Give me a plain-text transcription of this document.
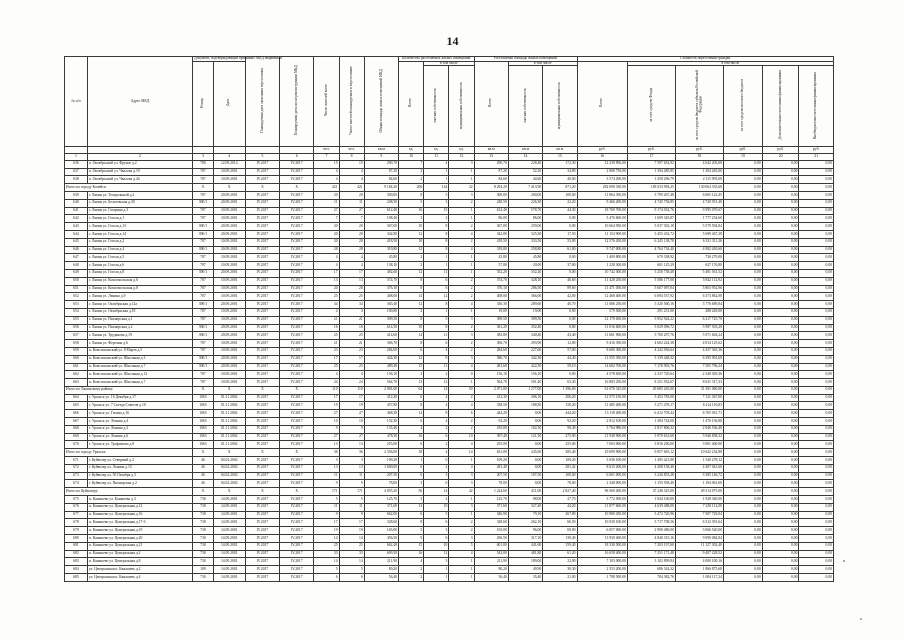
14
№ п/п	Адрес МКД	Документ, подтверждающий признание МКД аварийным		Планируемая дата окончания переселения	Планируемая дата сноса/реконструкции МКД	Число жителей всего	Число жителей планируемых к переселению	Общая площадь жилых помещений МКД	Количество расселяемых жилых помещений			Расселяемая площадь жилых помещений			Стоимость переселения граждан					
		Номер	Дата						Всего	в том числе		Всего	в том числе		Всего	в том числе				
										частная собственность	муниципальная собственность		частная собственность	муниципальная собственность		за счет средств Фонда	за счет средств бюджета субъекта Российской Федерации	за счет средств местного бюджета	Дополнительные источники финансирования	Внебюджетные источники финансирования
						чел.	чел.	кв.м	ед.	ед.	ед.	кв.м	кв.м	кв.м	руб.	руб.	руб.	руб.	руб.	руб.
1	2	3	4	5	6	7	8	9	10	11	12	13	14	15	16	17	18	19	20	21
636	п. Октябрьский ул. Фрунзе д.2	780	12.09.2014	IV.2017	IV.2017	15	15	290,70	7	4	3	290,70	228,40	172,30	12 239 856,00	7 597 652,92	4 642 203,08	0,00	0,00	0,00
637	п. Октябрьский ул. Чкалова д.19	787	10.09.2001	IV.2017	IV.2017	4	4	87,20	2	1	1	87,20	52,20	34,80	2 868 750,00	1 394 485,85	1 304 265,00	0,00	0,00	0,00
638	п. Октябрьский ул. Чкалова д.44	787	10.09.2001	IV.2017	IV.2017	4	4	84,60	2	1	1	84,60	44,60	40,00	3 574 290,00	1 458 296,79	2 115 993,08	0,00	0,00	0,00
Итого по городу Копейск:		X	X	X	X	421	421	9 184,20	206	144	32	8 294,20	7 413,90	871,20	282 098 330,00	183 033 994,25	130 064 335,68	0,00	0,00	0,00
639	г. Ляпин ул. Театральный д.2	787	20.09.2001	IV.2017	IV.2017	20	20	300,00	8	5	3	300,00	200,00	100,00	11 864 350,00	5 799 267,48	6 065 122,45	0,00	0,00	0,00
640	г. Ляпин ул. Бельтовская д.30	390/1	20.09.2001	IV.2017	IV.2017	11	11	248,50	5	3	2	248,50	226,30	22,20	9 466 200,00	4 745 756,85	4 720 951,40	0,00	0,00	0,00
641	г. Ляпин ул. Гагарина д.3	787	10.09.2001	IV.2017	IV.2017	27	27	612,40	16	15	1	612,40	578,70	44,30	18 769 700,00	9 174 032,76	9 595 070,67	0,00	0,00	0,00
642	г. Ляпин ул. Гоголя д.1	787	10.09.2001	IV.2017	IV.2017	7	7	108,40	3	2	1	86,00	86,00	0,00	3 476 600,00	1 699 345,87	1 777 254,60	0,00	0,00	0,00
643	г. Ляпин ул. Гоголя д.13	390/1	20.09.2001	IV.2017	IV.2017	20	20	367,00	10	8	2	367,00	259,00	0,00	10 664 950,00	5 037 302,18	5 579 594,84	0,00	0,00	0,00
644	г. Ляпин ул. Гоголя д.14	390/1	20.09.2001	IV.2017	IV.2017	20	20	342,80	12	8	4	342,80	325,30	17,50	11 154 900,00	5 455 432,72	5 699 467,28	0,00	0,00	0,00
645	г. Ляпин ул. Гоголя д.2	787	10.09.2001	IV.2017	IV.2017	20	20	418,50	10	8	2	418,50	333,50	55,00	12 576 450,00	6 245 138,78	6 331 311,26	0,00	0,00	0,00
646	г. Ляпин ул. Гоголя д.4	390/1	20.09.2001	IV.2017	IV.2017	28	28	319,80	12	8	4	319,80	258,80	61,00	9 747 000,00	4 764 734,40	4 982 265,60	0,00	0,00	0,00
647	г. Ляпин ул. Гоголя д.5	787	10.09.2001	IV.2017	IV.2017	4	4	45,80	2	1	1	45,80	45,80	0,00	1 409 800,00	679 338,92	730 279,00	0,00	0,00	0,00
648	г. Ляпин ул. Гоголя д.6	787	10.09.2001	IV.2017	IV.2017	4	4	138,10	2	1	1	57,80	20,00	37,80	1 228 300,00	601 125,29	627 176,80	0,00	0,00	0,00
649	г. Ляпин ул. Гоголя д.8	390/1	20.09.2001	IV.2017	IV.2017	17	17	482,60	12	11	1	352,20	352,20	0,00	10 742 300,00	5 250 738,48	5 491 561,52	0,00	0,00	0,00
650	г. Ляпин ул. Комсомольская д.6	787	10.09.2001	IV.2017	IV.2017	13	13	374,70	8	6	2	374,70	328,10	46,60	11 428 250,00	5 586 177,08	5 842 112,92	0,00	0,00	0,00
651	г. Ляпин ул. Комсомольская д.8	787	10.09.2001	IV.2017	IV.2017	20	20	376,10	8	6	2	376,10	286,50	89,60	11 471 050,00	5 607 097,04	5 863 952,96	0,00	0,00	0,00
652	г. Ляпин ул. Ленина д.9	787	10.09.2001	IV.2017	IV.2017	25	25	408,00	14	12	2	408,00	366,00	42,00	12 468 400,00	6 094 537,92	6 373 862,08	0,00	0,00	0,00
653	г. Ляпин ул. Октябрьская д.12а	390/1	20.09.2001	IV.2017	IV.2017	34	34	365,40	12	8	4	330,30	289,60	40,70	11 086 250,00	5 320 560,16	5 776 689,84	0,00	0,00	0,00
654	г. Ляпин ул. Октябрьская д.18	787	10.09.2001	IV.2017	IV.2017	4	4	100,80	2	1	1	19,00	19,00	0,00	579 500,00	291 251,00	288 249,00	0,00	0,00	0,00
655	г. Ляпин ул. Пионерская д.1	787	10.09.2001	IV.2017	IV.2017	21	21	399,50	8	5	3	399,50	399,50	0,00	12 170 650,00	5 952 924,22	6 217 725,78	0,00	0,00	0,00
656	г. Ляпин ул. Пионерская д.2	390/1	20.09.2001	IV.2017	IV.2017	16	16	614,50	10	8	2	361,20	352,40	8,80	11 016 600,00	5 029 096,72	5 987 503,28	0,00	0,00	0,00
657	г. Ляпин ул. Труданова д.19	390/1	20.09.2001	IV.2017	IV.2017	25	25	414,60	14	11	3	383,80	340,40	43,40	11 661 900,00	5 700 297,76	5 971 602,24	0,00	0,00	0,00
658	г. Ляпин ул. Ферганы д.6	787	10.09.2001	IV.2017	IV.2017	21	21	306,70	8	6	2	306,70	293,90	12,80	9 416 350,00	4 602 224,38	4 814 125,62	0,00	0,00	0,00
659	п. Комсомольский ул. 8 Марта д.5	787	10.09.2001	IV.2017	IV.2017	23	23	284,60	6	4	2	284,60	227,60	57,00	8 680 300,00	4 242 936,64	4 437 363,36	0,00	0,00	0,00
660	п. Комсомольский ул. Школьная д.3	390/1	20.09.2001	IV.2017	IV.2017	17	17	424,30	12	9	3	386,70	342,30	44,40	11 555 350,00	5 159 448,32	6 395 901,68	0,00	0,00	0,00
661	п. Комсомольский ул. Школьная д.7	390/1	20.09.2001	IV.2017	IV.2017	25	25	489,40	15	11	4	481,60	422,50	59,10	14 682 700,00	7 176 903,76	7 505 796,24	0,00	0,00	0,00
662	п. Комсомольский ул. Школьная д.12	787	10.09.2001	IV.2017	IV.2017	4	4	156,10	2	2	0	156,10	156,10	0,00	4 578 650,00	2 237 720,64	2 340 929,36	0,00	0,00	0,00
663	п. Комсомольский ул. Школьная д.7	787	10.09.2001	IV.2017	IV.2017	24	24	564,70	13	12	1	564,70	501,40	63,30	16 883 250,00	8 251 932,67	8 631 317,33	0,00	0,00	0,00
Итого по Ляпинскому району:		X	X	X	X	110	110	2 081,00	64	14	50	2 071,00	1 277,00	1 396,00	61 076 325,00	29 685 265,00	31 391 060,00	0,00	0,00	0,00
664	г. Уральск ул. 16 Декабря д.17	1065	01.11.2002	IV.2017	IV.2017	17	17	412,30	6	4	2	412,30	206,10	206,20	12 575 150,00	5 453 783,00	7 121 367,00	0,00	0,00	0,00
665	г. Уральск ул. 7 Съезда Советов д.10	1065	01.11.2002	IV.2017	IV.2017	19	19	457,80	8	4	4	338,50	188,30	150,20	11 485 400,00	5 271 478,17	6 214 116,83	0,00	0,00	0,00
666	г. Уральск ул. Гагина д.16	1065	01.11.2002	IV.2017	IV.2017	27	27	468,30	14	8	6	444,20	0,00	444,20	13 118 400,00	6 412 703,44	6 705 941,71	0,00	0,00	0,00
667	г. Уральск ул. Ленина д.4	1065	01.11.2002	IV.2017	IV.2017	10	10	152,30	6	4	2	92,20	0,00	92,20	2 812 100,00	1 384 744,00	1 470 156,80	0,00	0,00	0,00
668	г. Уральск ул. Ленина д.2	1065	01.11.2002	IV.2017	IV.2017	9	9	135,40	4	2	2	185,00	102,50	98,49	5 764 980,00	2 817 806,32	2 946 536,48	0,00	0,00	0,00
669	г. Уральск ул. Ленина д.6	1065	01.11.2002	IV.2017	IV.2017	27	27	478,50	16	6	10	397,40	121,50	275,90	11 938 900,00	5 970 631,68	5 946 838,32	0,00	0,00	0,00
670	г. Уральск ул. Трофимова д.8	1065	01.11.2002	IV.2017	IV.2017	13	13	255,00	6	2	4	255,00	0,00	255,00	7 003 000,00	3 816 200,00	3 901 400,00	0,00	0,00	0,00
Итого по городу Уральск:		X	X	X	X	36	36	2 356,00	18	4	14	631,00	245,60	385,40	19 699 900,00	9 057 665,12	10 642 234,88	0,00	0,00	0,00
671	г. Куйвозер ул. Северный д.2	46	04.02.2002	IV.2017	IV.2017	3	3	109,20	1	0	1	109,20	0,00	109,20	3 036 100,00	1 495 421,88	1 540 278,12	0,00	0,00	0,00
672	г. Куйвозер ул. Ленина д.15	46	04.02.2002	IV.2017	IV.2017	13	13	1 600,00	6	2	4	281,40	0,00	281,42	8 615 200,00	4 208 158,40	4 407 041,60	0,00	0,00	0,00
673	г. Куйвозер ул. 50 Октября д.3	46	04.02.2002	IV.2017	IV.2017	11	11	207,50	6	3	3	207,50	107,50	100,00	6 601 000,00	3 226 853,28	3 385 146,72	0,00	0,00	0,00
674	г. Куйвозер ул. Пионерская д.2	46	04.02.2002	IV.2017	IV.2017	9	9	78,00	3	0	3	78,00	0,00	78,00	2 348 000,00	1 155 938,40	1 194 061,60	0,00	0,00	0,00
Итого по Куйвозеру:		X	X	X	X	171	171	4 855,20	56	14	42	1 224,60	411,00	2 827,40	96 560 400,00	47 246 325,00	49 314 075,00	0,00	0,00	0,00
675	п. Канашево ул. Канашева д.3	730	14.09.2001	IV.2017	IV.2017	5	5	125,70	3	2	1	125,70	98,00	27,70	3 772 500,00	1 844 160,00	1 928 340,00	0,00	0,00	0,00
676	п. Канашево ул. Центральная д.12	730	14.09.2001	IV.2017	IV.2017	11	11	371,60	13	10	3	371,60	327,40	44,20	11 877 600,00	4 639 488,00	7 238 112,00	0,00	0,00	0,00
677	п. Канашево ул. Центральная д.16	730	14.09.2001	IV.2017	IV.2017	9	9	662,00	6	5	1	346,90	79,10	267,80	10 980 450,00	3 472 720,96	7 507 729,04	0,00	0,00	0,00
678	п. Канашево ул. Центральная д.17-б	730	14.09.2001	IV.2017	IV.2017	17	17	328,60	8	6	2	328,60	262,10	66,50	10 030 100,00	3 717 708,36	6 312 391,64	0,00	0,00	0,00
679	п. Канашево ул. Центральная д.19	730	14.09.2001	IV.2017	IV.2017	19	19	165,00	5	3	2	165,00	96,00	69,00	6 057 000,00	2 990 480,00	3 066 520,00	0,00	0,00	0,00
680	п. Канашево ул. Центральная д.20	730	14.09.2001	IV.2017	IV.2017	14	14	456,50	9	6	3	456,50	317,10	139,40	13 930 400,00	4 840 315,16	9 090 084,84	0,00	0,00	0,00
681	п. Канашево ул. Центральная д.21	730	14.09.2001	IV.2017	IV.2017	25	25	662,40	15	10	5	601,00	441,60	159,40	18 330 500,00	7 203 197,60	11 127 302,40	0,00	0,00	0,00
682	п. Канашево ул. Центральная д.2	730	14.09.2001	IV.2017	IV.2017	33	33	609,50	16	12	4	543,00	481,80	61,20	16 658 400,00	7 251 171,48	9 407 228,52	0,00	0,00	0,00
683	п. Канашево ул. Центральная д.8	730	14.09.2001	IV.2017	IV.2017	14	14	211,90	4	3	1	211,90	189,00	22,90	7 103 000,00	3 102 899,84	4 000 100,16	0,00	0,00	0,00
684	ул. Центральная п. Канашево д.2	189	14.09.2001	IV.2017	IV.2017	5	5	80,20	2	1	1	80,20	49,90	30,30	2 553 200,00	686 324,32	1 866 875,68	0,00	0,00	0,00
685	ул. Центральная п. Канашево д.4	730	14.09.2001	IV.2017	IV.2017	6	6	56,40	2	1	1	56,40	35,40	21,00	1 788 500,00	784 382,76	1 004 117,24	0,00	0,00	0,00
